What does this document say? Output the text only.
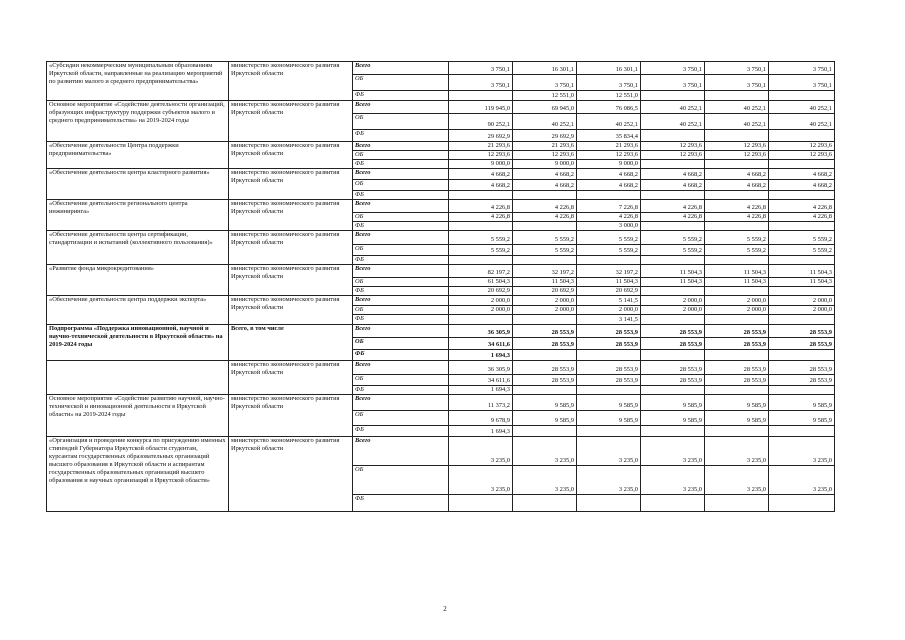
«Субсидии некоммерческим муниципальным образованиям Иркутской области, направленные на реализацию мероприятий по развитию малого и среднего предпринимательства»	министерство экономического развития Иркутской области	Всего	3 750,1	16 301,1	16 301,1	3 750,1	3 750,1	3 750,1
		ОБ	3 750,1	3 750,1	3 750,1	3 750,1	3 750,1	3 750,1
		ФБ		12 551,0	12 551,0			
Основное мероприятие «Содействие деятельности организаций, образующих инфраструктуру поддержки субъектов малого и среднего предпринимательства» на 2019-2024 годы	министерство экономического развития Иркутской области	Всего	119 945,0	69 945,0	76 086,5	40 252,1	40 252,1	40 252,1
		ОБ	90 252,1	40 252,1	40 252,1	40 252,1	40 252,1	40 252,1
		ФБ	29 692,9	29 692,9	35 834,4			
«Обеспечение деятельности Центра поддержки предпринимательства»	министерство экономического развития Иркутской области	Всего	21 293,6	21 293,6	21 293,6	12 293,6	12 293,6	12 293,6
		ОБ	12 293,6	12 293,6	12 293,6	12 293,6	12 293,6	12 293,6
		ФБ	9 000,0	9 000,0	9 000,0			
«Обеспечение деятельности центра кластерного развития»	министерство экономического развития Иркутской области	Всего	4 668,2	4 668,2	4 668,2	4 668,2	4 668,2	4 668,2
		ОБ	4 668,2	4 668,2	4 668,2	4 668,2	4 668,2	4 668,2
		ФБ						
«Обеспечение деятельности регионального центра инжиниринга»	министерство экономического развития Иркутской области	Всего	4 226,8	4 226,8	7 226,8	4 226,8	4 226,8	4 226,8
		ОБ	4 226,8	4 226,8	4 226,8	4 226,8	4 226,8	4 226,8
		ФБ			3 000,0			
«Обеспечение деятельности центра сертификации, стандартизации и испытаний (коллективного пользования)»	министерство экономического развития Иркутской области	Всего	5 559,2	5 559,2	5 559,2	5 559,2	5 559,2	5 559,2
		ОБ	5 559,2	5 559,2	5 559,2	5 559,2	5 559,2	5 559,2
		ФБ						
«Развитие фонда микрокредитования»	министерство экономического развития Иркутской области	Всего	82 197,2	32 197,2	32 197,2	11 504,3	11 504,3	11 504,3
		ОБ	61 504,3	11 504,3	11 504,3	11 504,3	11 504,3	11 504,3
		ФБ	20 692,9	20 692,9	20 692,9			
«Обеспечение деятельности центра поддержки экспорта»	министерство экономического развития Иркутской области	Всего	2 000,0	2 000,0	5 141,5	2 000,0	2 000,0	2 000,0
		ОБ	2 000,0	2 000,0	2 000,0	2 000,0	2 000,0	2 000,0
		ФБ			3 141,5			
Подпрограмма «Поддержка инновационной, научной и научно-технической деятельности в Иркутской области» на 2019-2024 годы	Всего, в том числе	Всего	36 305,9	28 553,9	28 553,9	28 553,9	28 553,9	28 553,9
		ОБ	34 611,6	28 553,9	28 553,9	28 553,9	28 553,9	28 553,9
		ФБ	1 694,3					
	министерство экономического развития Иркутской области	Всего	36 305,9	28 553,9	28 553,9	28 553,9	28 553,9	28 553,9
		ОБ	34 611,6	28 553,9	28 553,9	28 553,9	28 553,9	28 553,9
		ФБ	1 694,3					
Основное мероприятие «Содействие развитию научной, научно-технической и инновационной деятельности в Иркутской области» на 2019-2024 годы	министерство экономического развития Иркутской области	Всего	11 373,2	9 585,9	9 585,9	9 585,9	9 585,9	9 585,9
		ОБ	9 678,9	9 585,9	9 585,9	9 585,9	9 585,9	9 585,9
		ФБ	1 694,3					
«Организация и проведение конкурса по присуждению именных стипендий Губернатора Иркутской области студентам, курсантам государственных образовательных организаций высшего образования в Иркутской области и аспирантам государственных образовательных организаций высшего образования и научных организаций в Иркутской области»	министерство экономического развития Иркутской области	Всего	3 235,0	3 235,0	3 235,0	3 235,0	3 235,0	3 235,0
		ОБ	3 235,0	3 235,0	3 235,0	3 235,0	3 235,0	3 235,0
		ФБ						
2
